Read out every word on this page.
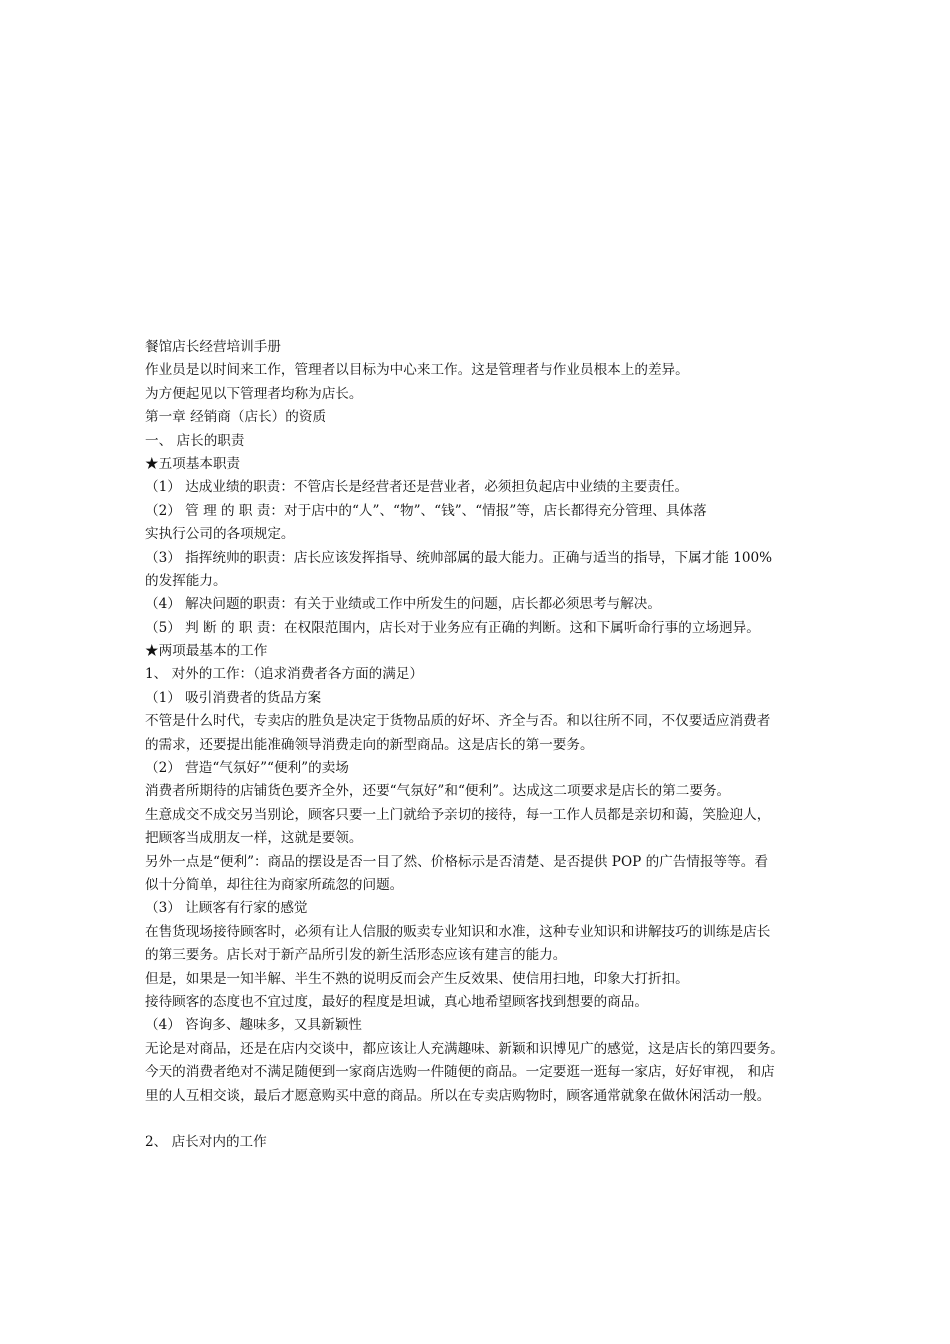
餐馆店长经营培训手册
作业员是以时间来工作，管理者以目标为中心来工作。这是管理者与作业员根本上的差异。
为方便起见以下管理者均称为店长。
第一章 经销商（店长）的资质
一、 店长的职责
★五项基本职责
（1） 达成业绩的职责：不管店长是经营者还是营业者，必须担负起店中业绩的主要责任。
（2） 管 理 的 职 责：对于店中的“人”、“物”、“钱”、“情报”等，店长都得充分管理、具体落
实执行公司的各项规定。
（3） 指挥统帅的职责：店长应该发挥指导、统帅部属的最大能力。正确与适当的指导，下属才能 100%
的发挥能力。
（4） 解决问题的职责：有关于业绩或工作中所发生的问题，店长都必须思考与解决。
（5） 判 断 的 职 责：在权限范围内，店长对于业务应有正确的判断。这和下属听命行事的立场迥异。
★两项最基本的工作
1、 对外的工作：（追求消费者各方面的满足）
（1） 吸引消费者的货品方案
不管是什么时代，专卖店的胜负是决定于货物品质的好坏、齐全与否。和以往所不同，不仅要适应消费者
的需求，还要提出能准确领导消费走向的新型商品。这是店长的第一要务。
（2） 营造“气氛好”“便利”的卖场
消费者所期待的店铺货色要齐全外，还要“气氛好”和“便利”。达成这二项要求是店长的第二要务。
生意成交不成交另当别论，顾客只要一上门就给予亲切的接待，每一工作人员都是亲切和蔼，笑脸迎人，
把顾客当成朋友一样，这就是要领。
另外一点是“便利”：商品的摆设是否一目了然、价格标示是否清楚、是否提供 POP 的广告情报等等。看
似十分简单，却往往为商家所疏忽的问题。
（3） 让顾客有行家的感觉
在售货现场接待顾客时，必须有让人信服的贩卖专业知识和水准，这种专业知识和讲解技巧的训练是店长
的第三要务。店长对于新产品所引发的新生活形态应该有建言的能力。
但是，如果是一知半解、半生不熟的说明反而会产生反效果、使信用扫地，印象大打折扣。
接待顾客的态度也不宜过度，最好的程度是坦诚，真心地希望顾客找到想要的商品。
（4） 咨询多、趣味多，又具新颖性
无论是对商品，还是在店内交谈中，都应该让人充满趣味、新颖和识博见广的感觉，这是店长的第四要务。
今天的消费者绝对不满足随便到一家商店选购一件随便的商品。一定要逛一逛每一家店，好好审视， 和店
里的人互相交谈，最后才愿意购买中意的商品。所以在专卖店购物时，顾客通常就象在做休闲活动一般。
2、 店长对内的工作
